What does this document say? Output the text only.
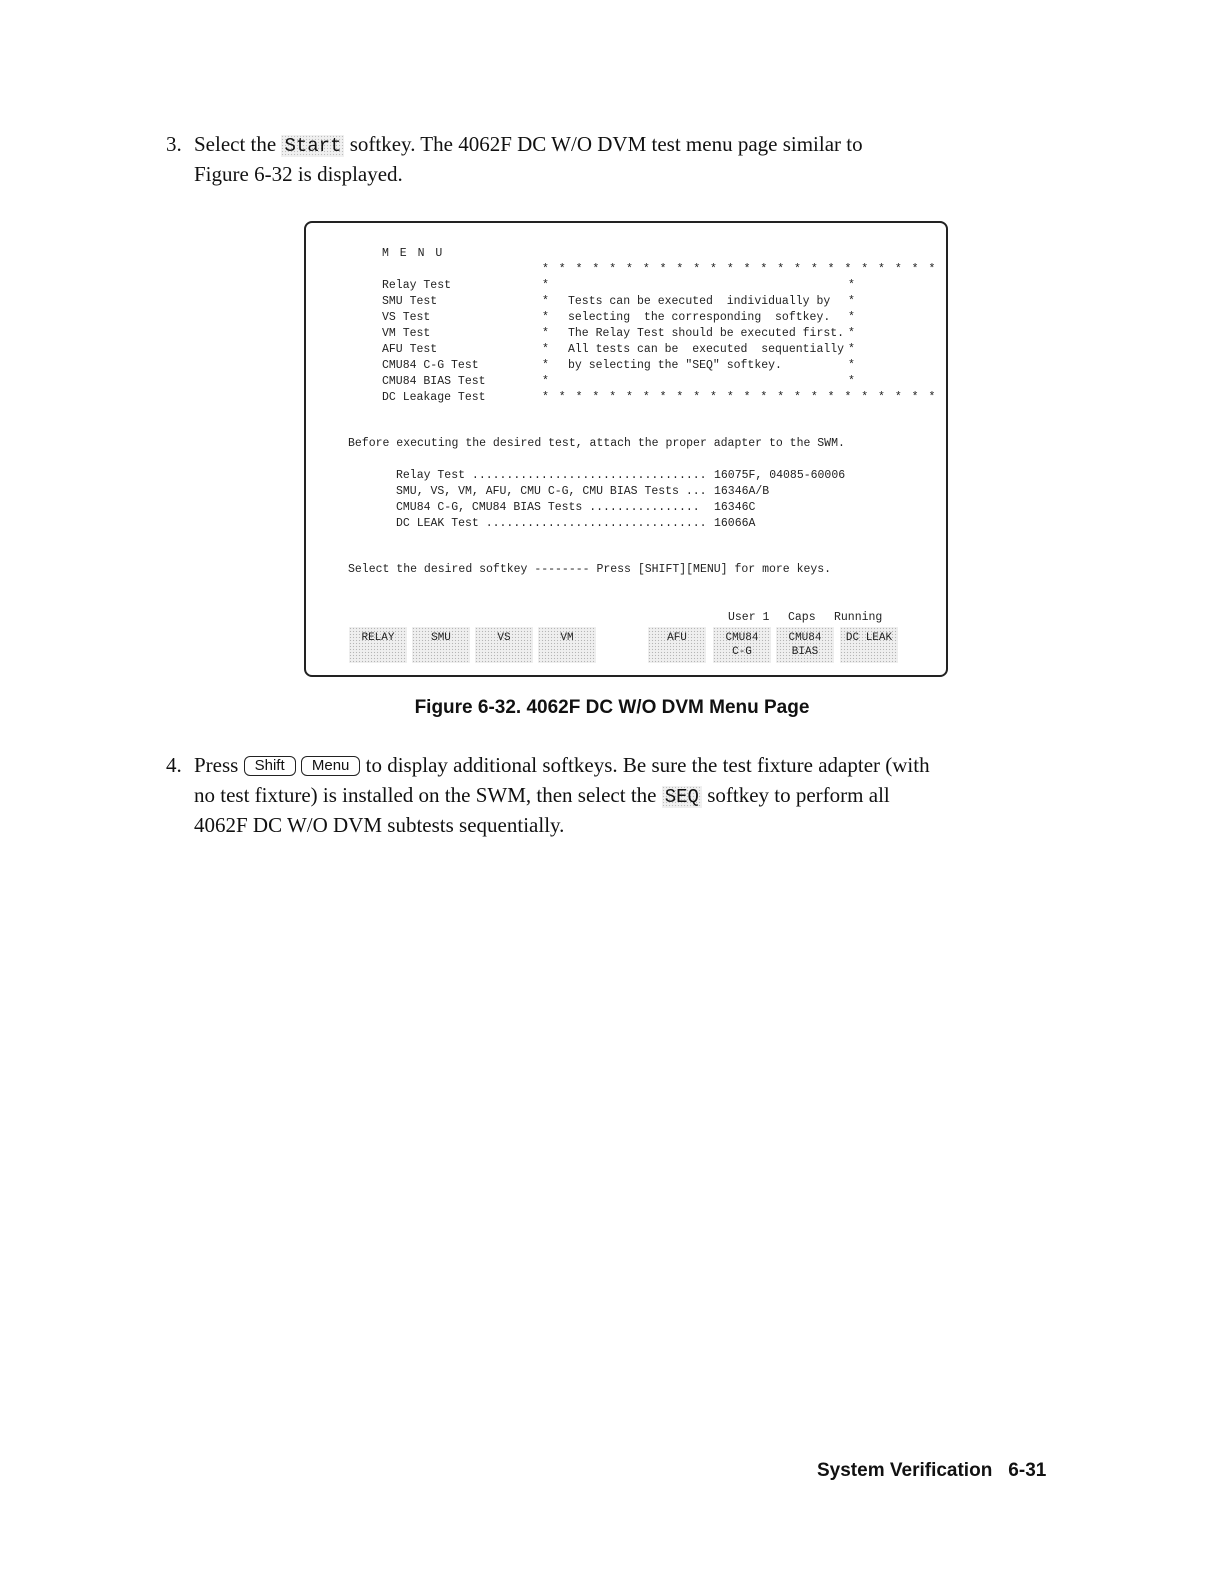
3. Select the Start softkey. The 4062F DC W/O DVM test menu page similar to
Figure 6-32 is displayed.
M E N U
Relay Test
SMU Test
VS Test
VM Test
AFU Test
CMU84 C-G Test
CMU84 BIAS Test
DC Leakage Test
* * * * * * * * * * * * * * * * * * * * * * * *
*	*
*	*
*	*
*	*
*	*
*	*
*	*
* * * * * * * * * * * * * * * * * * * * * * * *
Tests can be executed  individually by
selecting  the corresponding  softkey.
The Relay Test should be executed first.
All tests can be  executed  sequentially
by selecting the "SEQ" softkey.
Before executing the desired test, attach the proper adapter to the SWM.
Relay Test .................................. 16075F, 04085-60006
SMU, VS, VM, AFU, CMU C-G, CMU BIAS Tests ... 16346A/B
CMU84 C-G, CMU84 BIAS Tests ................ 16346C
DC LEAK Test ................................ 16066A
Select the desired softkey -------- Press [SHIFT][MENU] for more keys.
User 1 Caps Running
RELAY	SMU	VS	VM	AFU	CMU84
C-G
CMU84
BIAS
DC LEAK

Figure 6-32. 4062F DC W/O DVM Menu Page
4. Press Shift Menu to display additional softkeys. Be sure the test fixture adapter (with
no test fixture) is installed on the SWM, then select the SEQ softkey to perform all
4062F DC W/O DVM subtests sequentially.
System Verification 6-31
